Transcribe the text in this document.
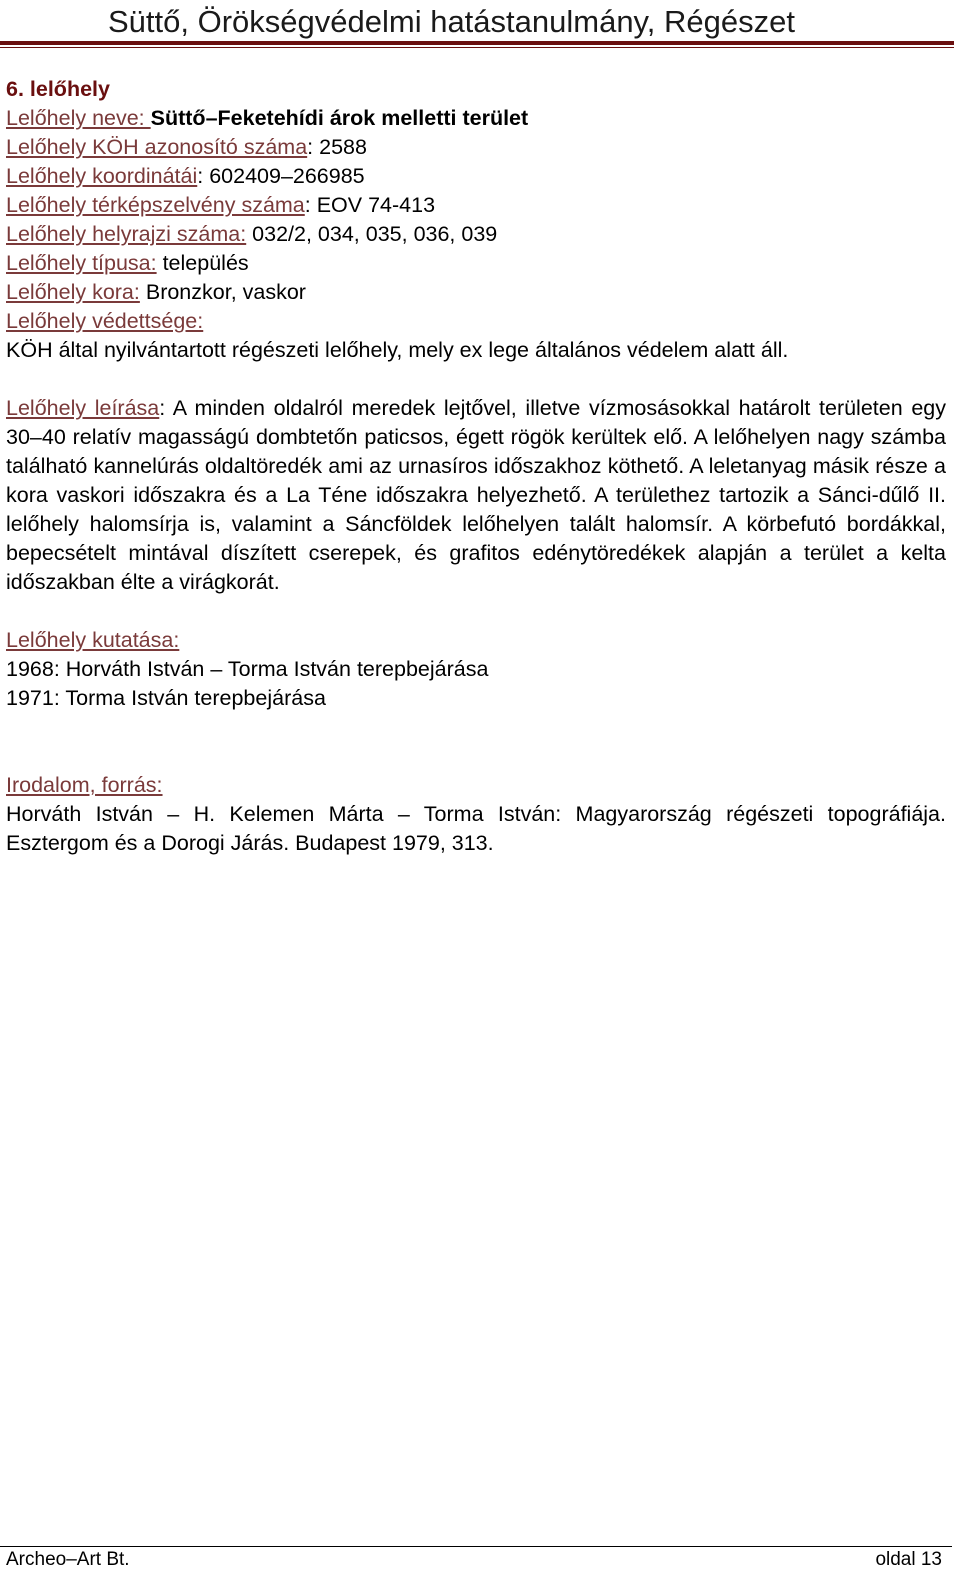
Süttő, Örökségvédelmi hatástanulmány, Régészet
6. lelőhely
Lelőhely neve: Süttő–Feketehídi árok melletti terület
Lelőhely KÖH azonosító száma: 2588
Lelőhely koordinátái: 602409–266985
Lelőhely térképszelvény száma: EOV 74-413
Lelőhely helyrajzi száma: 032/2, 034, 035, 036, 039
Lelőhely típusa: település
Lelőhely kora: Bronzkor, vaskor
Lelőhely védettsége:
KÖH által nyilvántartott régészeti lelőhely, mely ex lege általános védelem alatt áll.
Lelőhely leírása: A minden oldalról meredek lejtővel, illetve vízmosásokkal határolt területen egy 30–40 relatív magasságú dombtetőn paticsos, égett rögök kerültek elő. A lelőhelyen nagy számba található kannelúrás oldaltöredék ami az urnasíros időszakhoz köthető. A leletanyag másik része a kora vaskori időszakra és a La Téne időszakra helyezhető. A területhez tartozik a Sánci-dűlő II. lelőhely halomsírja is, valamint a Sáncföldek lelőhelyen talált halomsír. A körbefutó bordákkal, bepecsételt mintával díszített cserepek, és grafitos edénytöredékek alapján a terület a kelta időszakban élte a virágkorát.
Lelőhely kutatása:
1968: Horváth István – Torma István terepbejárása
1971: Torma István terepbejárása
Irodalom, forrás:
Horváth István – H. Kelemen Márta – Torma István: Magyarország régészeti topográfiája. Esztergom és a Dorogi Járás. Budapest 1979, 313.
Archeo–Art Bt.	oldal 13
